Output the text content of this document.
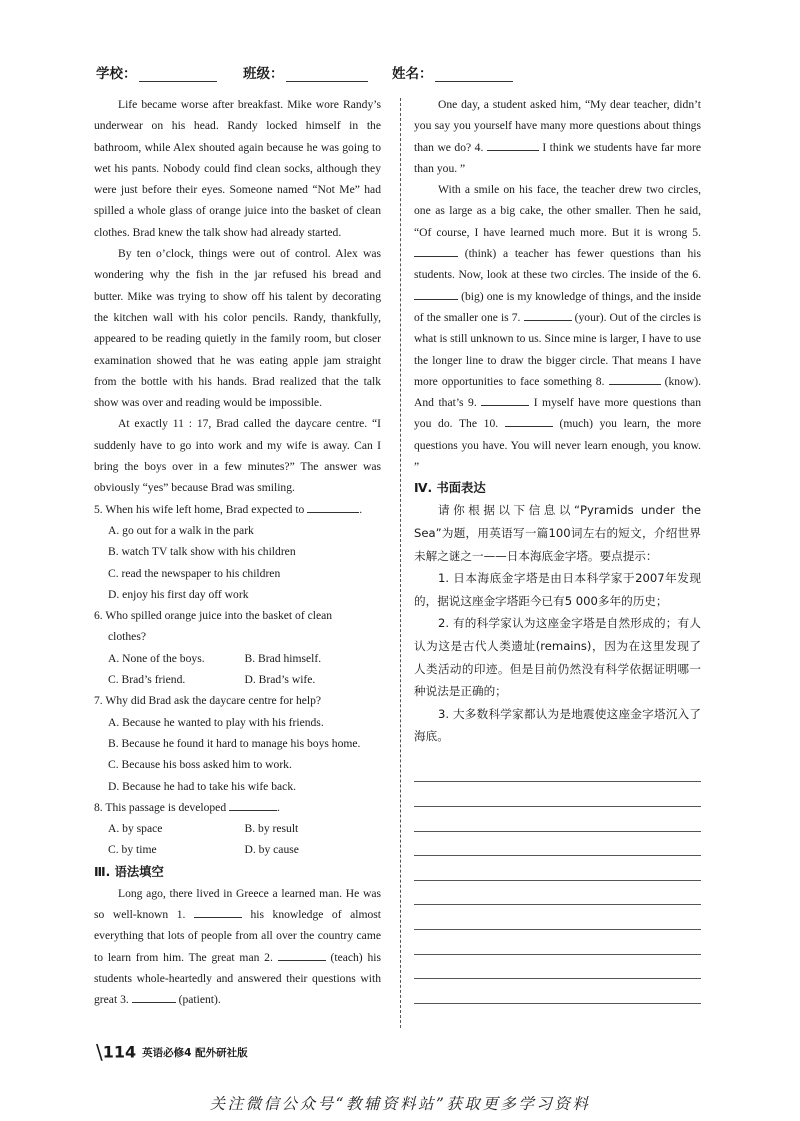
学校：	班级：	姓名：

Life became worse after breakfast. Mike wore Randy’s underwear on his head. Randy locked himself in the bathroom, while Alex shouted again because he was going to wet his pants. Nobody could find clean socks, although they were just before their eyes. Someone named “Not Me” had spilled a whole glass of orange juice into the basket of clean clothes. Brad knew the talk show had already started.

By ten o’clock, things were out of control. Alex was wondering why the fish in the jar refused his bread and butter. Mike was trying to show off his talent by decorating the kitchen wall with his color pencils. Randy, thankfully, appeared to be reading quietly in the family room, but closer examination showed that he was eating apple jam straight from the bottle with his hands. Brad realized that the talk show was over and reading would be impossible.

At exactly 11 : 17, Brad called the daycare centre. “I suddenly have to go into work and my wife is away. Can I bring the boys over in a few minutes?” The answer was obviously “yes” because Brad was smiling.

5. When his wife left home, Brad expected to	.
A. go out for a walk in the park
B. watch TV talk show with his children
C. read the newspaper to his children
D. enjoy his first day off work
6. Who spilled orange juice into the basket of clean
clothes?
A. None of the boys.	B. Brad himself.
C. Brad’s friend.	D. Brad’s wife.
7. Why did Brad ask the daycare centre for help?
A. Because he wanted to play with his friends.
B. Because he found it hard to manage his boys home.
C. Because his boss asked him to work.
D. Because he had to take his wife back.
8. This passage is developed	.
A. by space	B. by result
C. by time	D. by cause
Ⅲ. 语法填空

Long ago, there lived in Greece a learned man. He was so well-known 1.	his knowledge of almost everything that lots of people from all over the country came to learn from him. The great man 2.	(teach) his students whole-heartedly and answered their questions with great 3.	(patient).

One day, a student asked him, “My dear teacher, didn’t you say you yourself have many more questions about things than we do? 4.	I think we students have far more than you. ”

With a smile on his face, the teacher drew two circles, one as large as a big cake, the other smaller. Then he said, “Of course, I have learned much more. But it is wrong 5.  (think) a teacher has fewer questions than his students. Now, look at these two circles. The inside of the 6.  (big) one is my knowledge of things, and the inside of the smaller one is 7.	(your). Out of the circles is what is still unknown to us. Since mine is larger, I have to use the longer line to draw the bigger circle. That means I have more opportunities to face something 8.	(know). And that’s 9.	I myself have more questions than you do. The 10.	(much) you learn, the more questions you have. You will never learn enough, you know. ”

Ⅳ. 书面表达

请你根据以下信息以“Pyramids under the Sea”为题，用英语写一篇100词左右的短文，介绍世界未解之谜之一——日本海底金字塔。要点提示：

1. 日本海底金字塔是由日本科学家于2007年发现的，据说这座金字塔距今已有5 000多年的历史；

2. 有的科学家认为这座金字塔是自然形成的；有人认为这是古代人类遗址(remains)，因为在这里发现了人类活动的印迹。但是目前仍然没有科学依据证明哪一种说法是正确的；

3. 大多数科学家都认为是地震使这座金字塔沉入了海底。

\114 英语必修4 配外研社版
关注微信公众号“教辅资料站”获取更多学习资料
